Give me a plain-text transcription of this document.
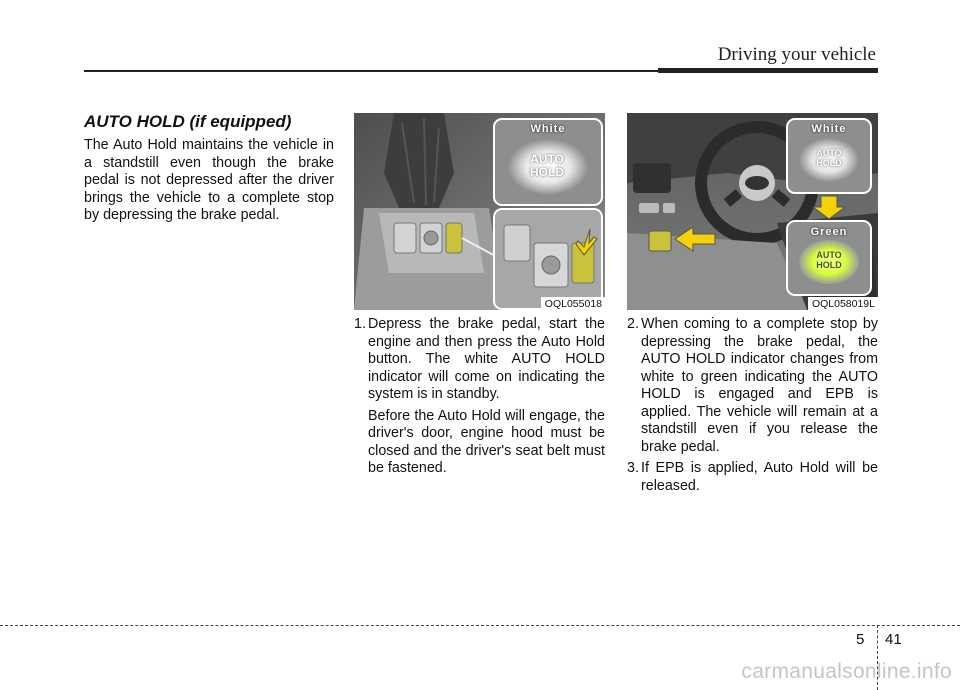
Driving your vehicle
AUTO HOLD (if equipped)

The Auto Hold maintains the vehicle in a standstill even though the brake pedal is not depressed after the driver brings the vehicle to a complete stop by depressing the brake pedal.

White
AUTO HOLD
OQL055018
White
AUTO HOLD
Green
AUTO HOLD
OQL058019L
1. Depress the brake pedal, start the engine and then press the Auto Hold button. The white AUTO HOLD indicator will come on indicating the system is in standby.
Before the Auto Hold will engage, the driver's door, engine hood must be closed and the driver's seat belt must be fastened.
2. When coming to a complete stop by depressing the brake pedal, the AUTO HOLD indicator changes from white to green indicating the AUTO HOLD is engaged and EPB is applied. The vehicle will remain at a standstill even if you release the brake pedal.
3. If EPB is applied, Auto Hold will be released.
5 41
carmanualsonline.info
